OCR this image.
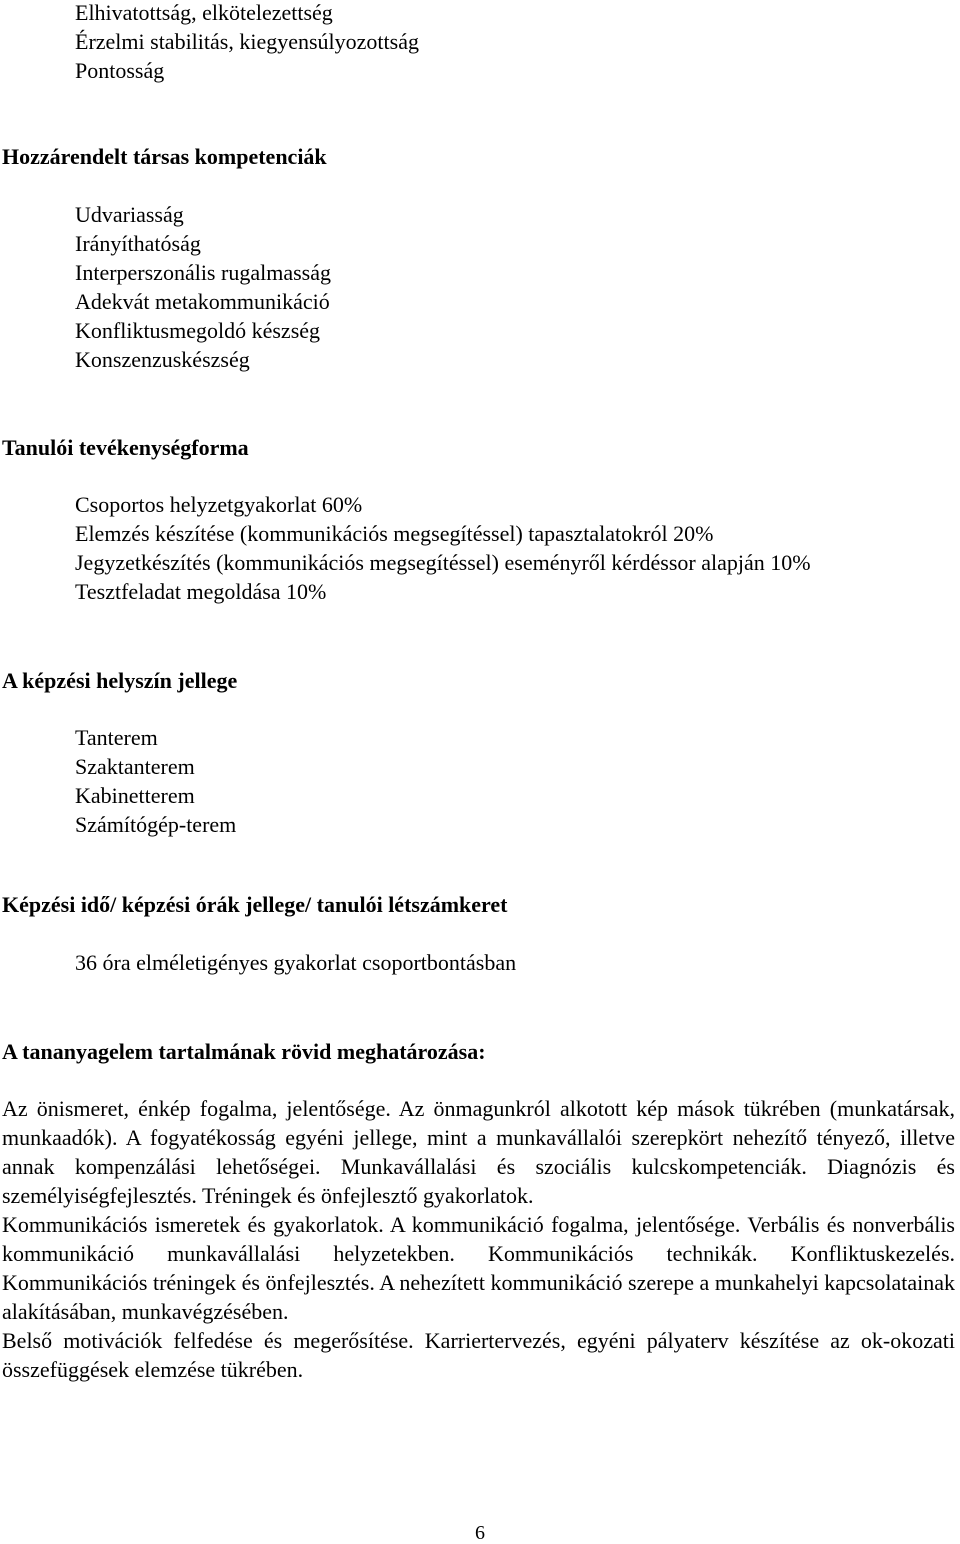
Elhivatottság, elkötelezettség
Érzelmi stabilitás, kiegyensúlyozottság
Pontosság
Hozzárendelt társas kompetenciák
Udvariasság
Irányíthatóság
Interperszonális rugalmasság
Adekvát metakommunikáció
Konfliktusmegoldó készség
Konszenzuskészség
Tanulói tevékenységforma
Csoportos helyzetgyakorlat 60%
Elemzés készítése (kommunikációs megsegítéssel) tapasztalatokról 20%
Jegyzetkészítés (kommunikációs megsegítéssel) eseményről kérdéssor alapján 10%
Tesztfeladat megoldása 10%
A képzési helyszín jellege
Tanterem
Szaktanterem
Kabinetterem
Számítógép-terem
Képzési idő/ képzési órák jellege/ tanulói létszámkeret

36 óra elméletigényes gyakorlat csoportbontásban

A tananyagelem tartalmának rövid meghatározása:

Az önismeret, énkép fogalma, jelentősége. Az önmagunkról alkotott kép mások tükrében (munkatársak, munkaadók). A fogyatékosság egyéni jellege, mint a munkavállalói szerepkört nehezítő tényező, illetve annak kompenzálási lehetőségei. Munkavállalási és szociális kulcskompetenciák. Diagnózis és személyiségfejlesztés. Tréningek és önfejlesztő gyakorlatok.

Kommunikációs ismeretek és gyakorlatok. A kommunikáció fogalma, jelentősége. Verbális és nonverbális kommunikáció munkavállalási helyzetekben. Kommunikációs technikák. Konfliktuskezelés. Kommunikációs tréningek és önfejlesztés. A nehezített kommunikáció szerepe a munkahelyi kapcsolatainak alakításában, munkavégzésében.

Belső motivációk felfedése és megerősítése. Karriertervezés, egyéni pályaterv készítése az ok-okozati összefüggések elemzése tükrében.

6
